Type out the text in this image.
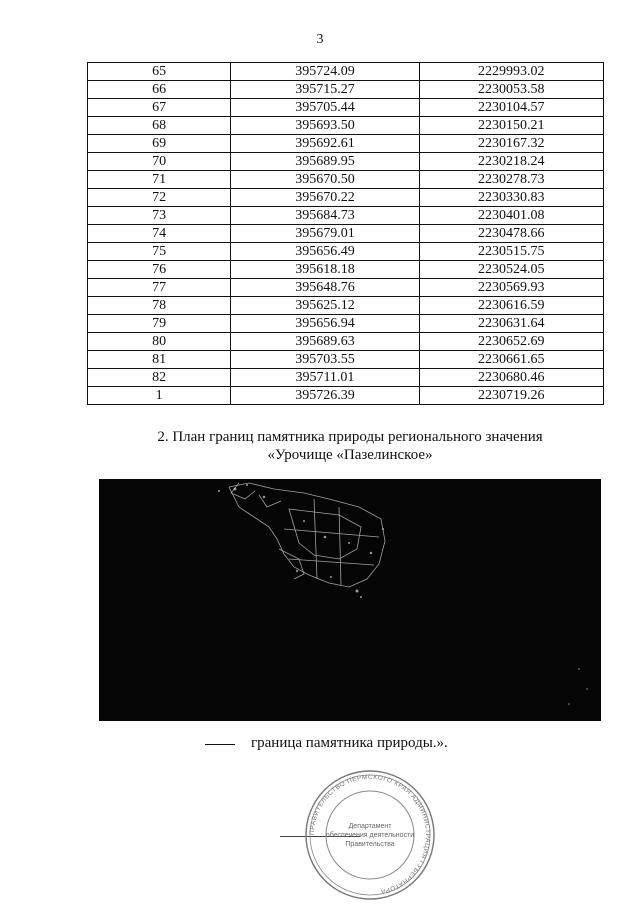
3
65	395724.09	2229993.02
66	395715.27	2230053.58
67	395705.44	2230104.57
68	395693.50	2230150.21
69	395692.61	2230167.32
70	395689.95	2230218.24
71	395670.50	2230278.73
72	395670.22	2230330.83
73	395684.73	2230401.08
74	395679.01	2230478.66
75	395656.49	2230515.75
76	395618.18	2230524.05
77	395648.76	2230569.93
78	395625.12	2230616.59
79	395656.94	2230631.64
80	395689.63	2230652.69
81	395703.55	2230661.65
82	395711.01	2230680.46
1	395726.39	2230719.26
2. План границ памятника природы регионального значения
«Урочище «Пазелинское»
граница памятника природы.».
ПРАВИТЕЛЬСТВО ПЕРМСКОГО КРАЯ АДМИНИСТРАЦИЯ ГУБЕРНАТОРА
Департамент
обеспечения деятельности
Правительства
